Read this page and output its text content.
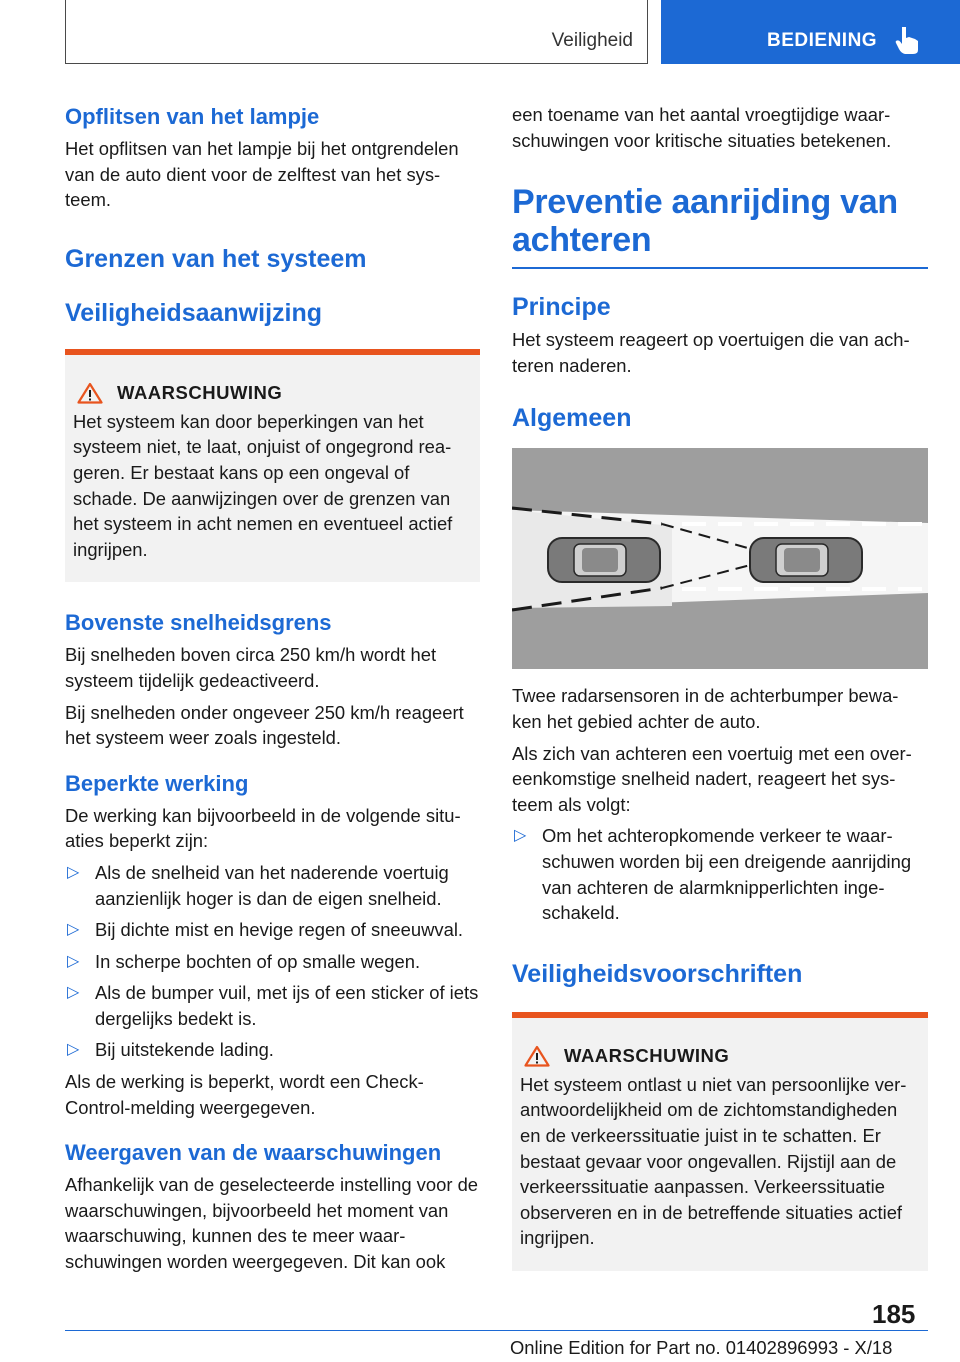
Veiligheid	BEDIENING
Opflitsen van het lampje
Het opflitsen van het lampje bij het ontgrendelen van de auto dient voor de zelftest van het sys-teem.
Grenzen van het systeem
Veiligheidsaanwijzing
WAARSCHUWING
Het systeem kan door beperkingen van het systeem niet, te laat, onjuist of ongegrond rea-geren. Er bestaat kans op een ongeval of schade. De aanwijzingen over de grenzen van het systeem in acht nemen en eventueel actief ingrijpen.
Bovenste snelheidsgrens
Bij snelheden boven circa 250 km/h wordt het systeem tijdelijk gedeactiveerd.
Bij snelheden onder ongeveer 250 km/h reageert het systeem weer zoals ingesteld.
Beperkte werking
De werking kan bijvoorbeeld in de volgende situ-aties beperkt zijn:
▷ Als de snelheid van het naderende voertuig aanzienlijk hoger is dan de eigen snelheid.
▷ Bij dichte mist en hevige regen of sneeuwval.
▷ In scherpe bochten of op smalle wegen.
▷ Als de bumper vuil, met ijs of een sticker of iets dergelijks bedekt is.
▷ Bij uitstekende lading.
Als de werking is beperkt, wordt een Check-Control-melding weergegeven.
Weergaven van de waarschuwingen
Afhankelijk van de geselecteerde instelling voor de waarschuwingen, bijvoorbeeld het moment van waarschuwing, kunnen des te meer waar-schuwingen worden weergegeven. Dit kan ook
een toename van het aantal vroegtijdige waar-schuwingen voor kritische situaties betekenen.
Preventie aanrijding van achteren
Principe
Het systeem reageert op voertuigen die van ach-teren naderen.
Algemeen
Twee radarsensoren in de achterbumper bewa-ken het gebied achter de auto.
Als zich van achteren een voertuig met een over-eenkomstige snelheid nadert, reageert het sys-teem als volgt:
▷ Om het achteropkomende verkeer te waar-schuwen worden bij een dreigende aanrijding van achteren de alarmknipperlichten inge-schakeld.
Veiligheidsvoorschriften
WAARSCHUWING
Het systeem ontlast u niet van persoonlijke ver-antwoordelijkheid om de zichtomstandigheden en de verkeerssituatie juist in te schatten. Er bestaat gevaar voor ongevallen. Rijstijl aan de verkeerssituatie aanpassen. Verkeerssituatie observeren en in de betreffende situaties actief ingrijpen.
185
Online Edition for Part no. 01402896993 - X/18
